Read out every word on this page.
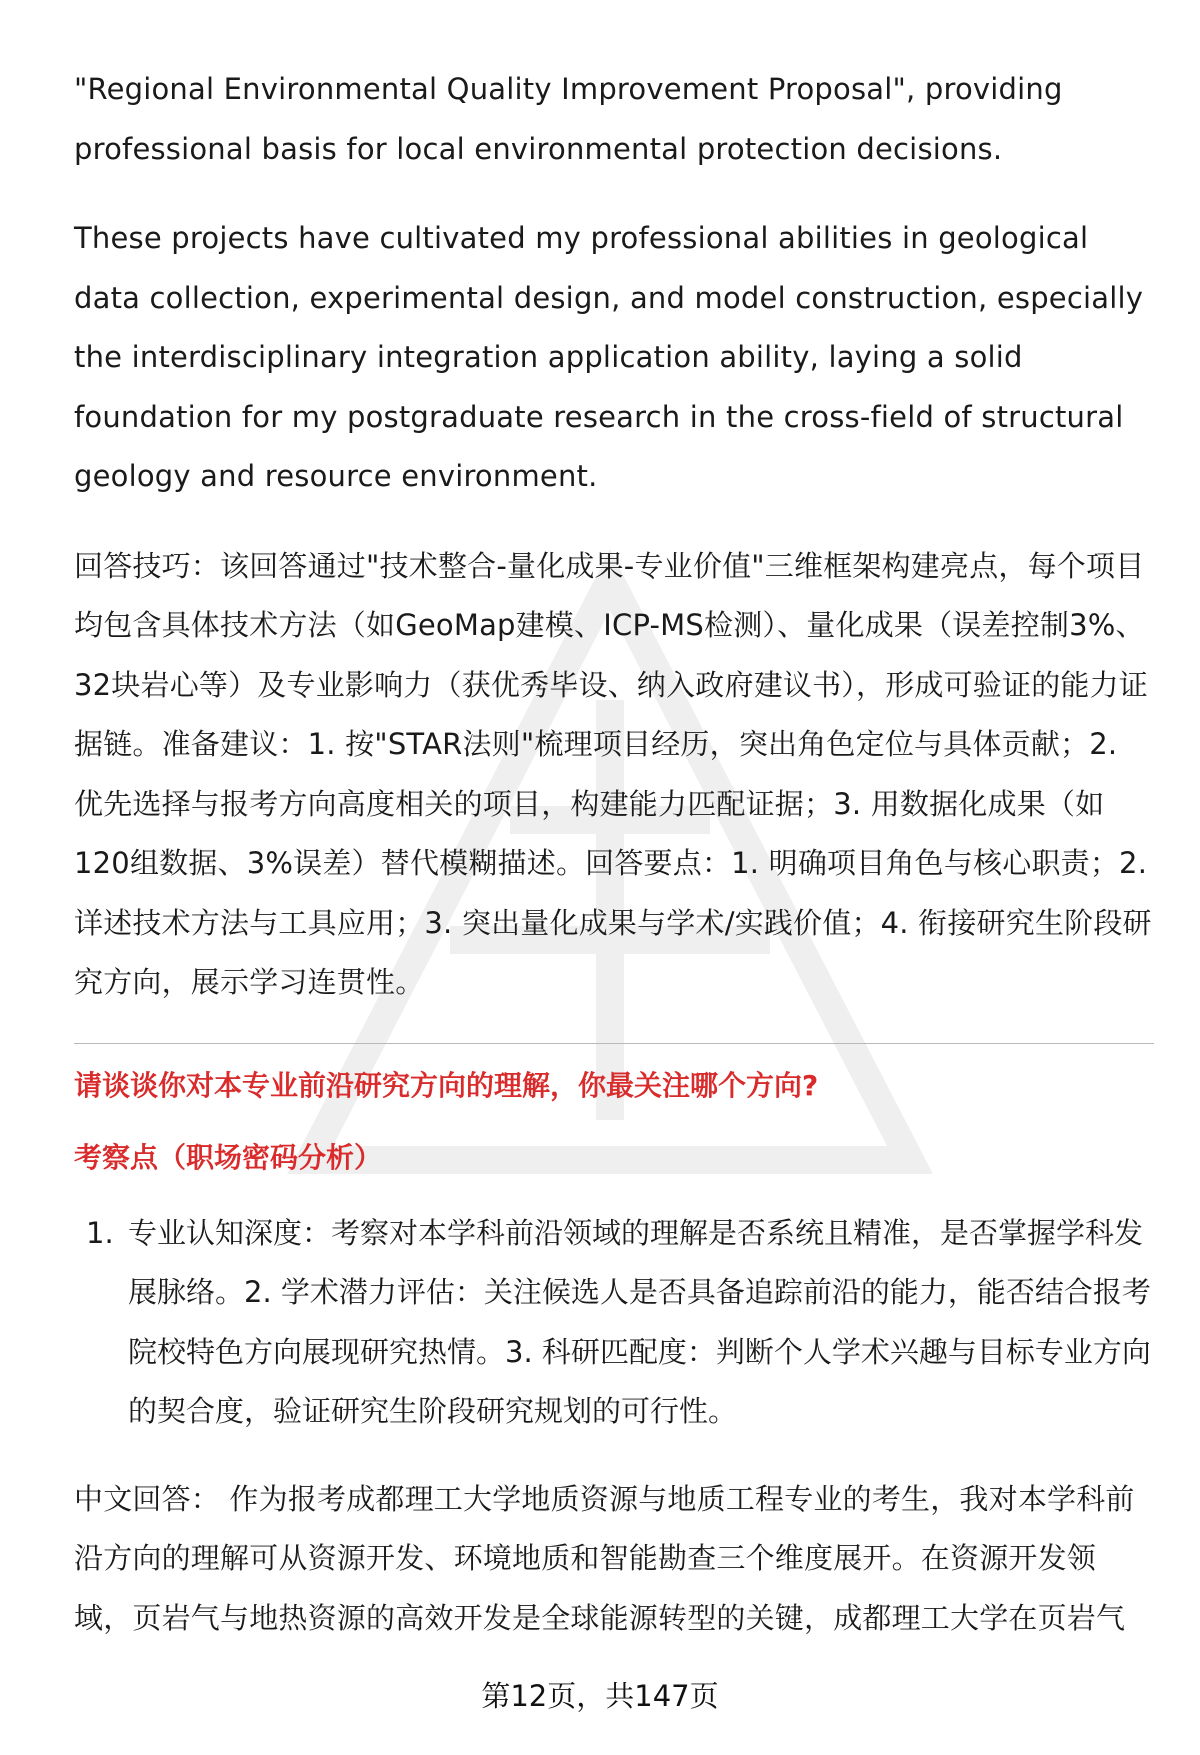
"Regional Environmental Quality Improvement Proposal", providing professional basis for local environmental protection decisions.

These projects have cultivated my professional abilities in geological data collection, experimental design, and model construction, especially the interdisciplinary integration application ability, laying a solid foundation for my postgraduate research in the cross-field of structural geology and resource environment.

回答技巧：该回答通过"技术整合-量化成果-专业价值"三维框架构建亮点，每个项目均包含具体技术方法（如GeoMap建模、ICP-MS检测）、量化成果（误差控制3%、32块岩心等）及专业影响力（获优秀毕设、纳入政府建议书），形成可验证的能力证据链。准备建议：1. 按"STAR法则"梳理项目经历，突出角色定位与具体贡献；2. 优先选择与报考方向高度相关的项目，构建能力匹配证据；3. 用数据化成果（如120组数据、3%误差）替代模糊描述。回答要点：1. 明确项目角色与核心职责；2. 详述技术方法与工具应用；3. 突出量化成果与学术/实践价值；4. 衔接研究生阶段研究方向，展示学习连贯性。

请谈谈你对本专业前沿研究方向的理解，你最关注哪个方向?
考察点（职场密码分析）
1. 专业认知深度：考察对本学科前沿领域的理解是否系统且精准，是否掌握学科发展脉络。2. 学术潜力评估：关注候选人是否具备追踪前沿的能力，能否结合报考院校特色方向展现研究热情。3. 科研匹配度：判断个人学术兴趣与目标专业方向的契合度，验证研究生阶段研究规划的可行性。

中文回答： 作为报考成都理工大学地质资源与地质工程专业的考生，我对本学科前沿方向的理解可从资源开发、环境地质和智能勘查三个维度展开。在资源开发领域，页岩气与地热资源的高效开发是全球能源转型的关键，成都理工大学在页岩气

第12页，共147页
